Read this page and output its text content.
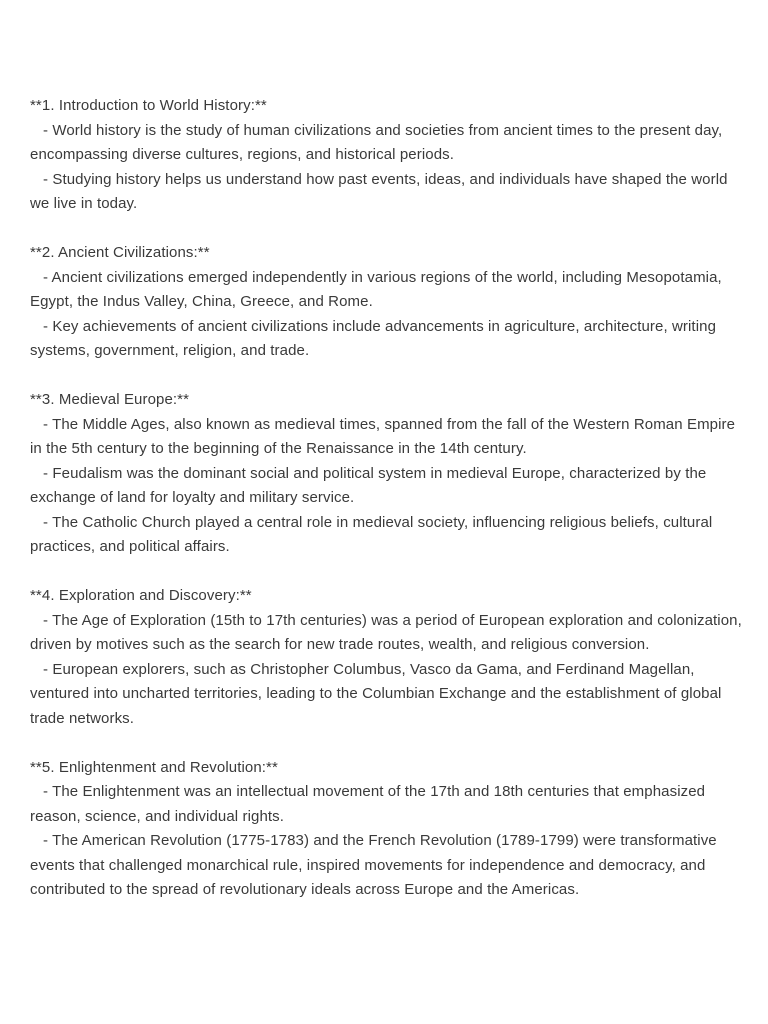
**1. Introduction to World History:**

- World history is the study of human civilizations and societies from ancient times to the present day, encompassing diverse cultures, regions, and historical periods.

- Studying history helps us understand how past events, ideas, and individuals have shaped the world we live in today.

**2. Ancient Civilizations:**

- Ancient civilizations emerged independently in various regions of the world, including Mesopotamia, Egypt, the Indus Valley, China, Greece, and Rome.

- Key achievements of ancient civilizations include advancements in agriculture, architecture, writing systems, government, religion, and trade.

**3. Medieval Europe:**

- The Middle Ages, also known as medieval times, spanned from the fall of the Western Roman Empire in the 5th century to the beginning of the Renaissance in the 14th century.

- Feudalism was the dominant social and political system in medieval Europe, characterized by the exchange of land for loyalty and military service.

- The Catholic Church played a central role in medieval society, influencing religious beliefs, cultural practices, and political affairs.

**4. Exploration and Discovery:**

- The Age of Exploration (15th to 17th centuries) was a period of European exploration and colonization, driven by motives such as the search for new trade routes, wealth, and religious conversion.

- European explorers, such as Christopher Columbus, Vasco da Gama, and Ferdinand Magellan, ventured into uncharted territories, leading to the Columbian Exchange and the establishment of global trade networks.

**5. Enlightenment and Revolution:**

- The Enlightenment was an intellectual movement of the 17th and 18th centuries that emphasized reason, science, and individual rights.

- The American Revolution (1775-1783) and the French Revolution (1789-1799) were transformative events that challenged monarchical rule, inspired movements for independence and democracy, and contributed to the spread of revolutionary ideals across Europe and the Americas.
